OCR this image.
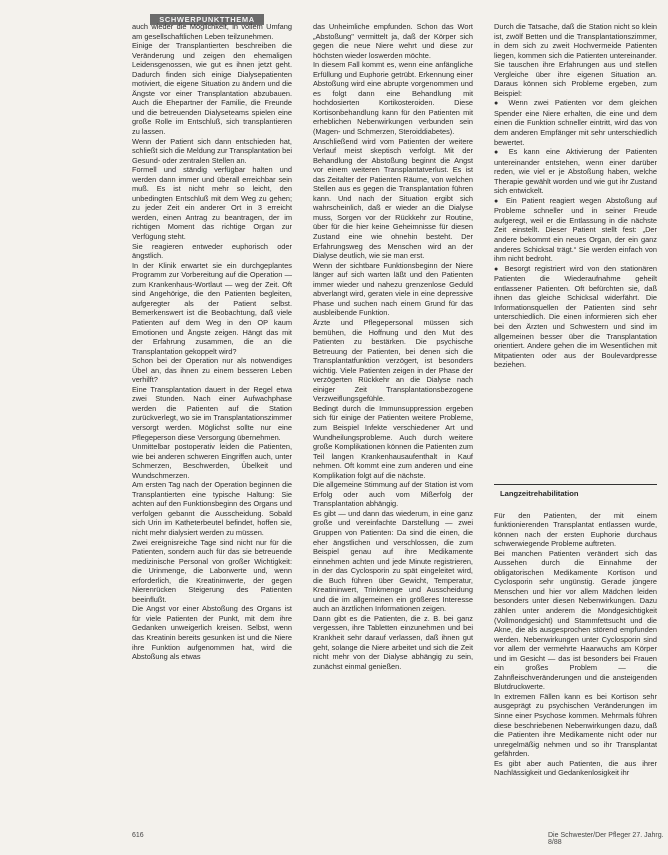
SCHWERPUNKTTHEMA

auch wieder die Möglichkeit, in vollem Umfang am gesellschaftlichen Leben teilzunehmen.

Einige der Transplantierten beschreiben die Veränderung und zeigen den ehemaligen Leidensgenossen, wie gut es ihnen jetzt geht. Dadurch finden sich einige Dialysepatienten motiviert, die eigene Situation zu ändern und die Ängste vor einer Transplantation abzubauen. Auch die Ehepartner der Familie, die Freunde und die betreuenden Dialyseteams spielen eine große Rolle im Entschluß, sich transplantieren zu lassen.

Wenn der Patient sich dann entschieden hat, schließt sich die Meldung zur Transplantation bei Gesund- oder zentralen Stellen an.

Formell und ständig verfügbar halten und werden dann immer und überall erreichbar sein muß. Es ist nicht mehr so leicht, den unbedingten Entschluß mit dem Weg zu gehen; zu jeder Zeit ein anderer Ort in 3 erreicht werden, einen Antrag zu beantragen, der im richtigen Moment das richtige Organ zur Verfügung steht.

Sie reagieren entweder euphorisch oder ängstlich.

In der Klinik erwartet sie ein durchgeplantes Programm zur Vorbereitung auf die Operation — zum Krankenhaus-Wortlaut — weg der Zeit. Oft sind Angehörige, die den Patienten begleiten, aufgeregter als der Patient selbst. Bemerkenswert ist die Beobachtung, daß viele Patienten auf dem Weg in den OP kaum Emotionen und Ängste zeigen. Hängt das mit der Erfahrung zusammen, die an die Transplantation gekoppelt wird?

Schon bei der Operation nur als notwendiges Übel an, das ihnen zu einem besseren Leben verhilft?

Eine Transplantation dauert in der Regel etwa zwei Stunden. Nach einer Aufwachphase werden die Patienten auf die Station zurückverlegt, wo sie im Transplantationszimmer versorgt werden. Möglichst sollte nur eine Pflegeperson diese Versorgung übernehmen.

Unmittelbar postoperativ leiden die Patienten, wie bei anderen schweren Eingriffen auch, unter Schmerzen, Beschwerden, Übelkeit und Wundschmerzen.

Am ersten Tag nach der Operation beginnen die Transplantierten eine typische Haltung: Sie achten auf den Funktionsbeginn des Organs und verfolgen gebannt die Ausscheidung. Sobald sich Urin im Katheterbeutel befindet, hoffen sie, nicht mehr dialysiert werden zu müssen.

Zwei ereignisreiche Tage sind nicht nur für die Patienten, sondern auch für das sie betreuende medizinische Personal von großer Wichtigkeit: die Urinmenge, die Laborwerte und, wenn erforderlich, die Kreatininwerte, der gegen Nierenrücken Steigerung des Patienten beeinflußt.

Die Angst vor einer Abstoßung des Organs ist für viele Patienten der Punkt, mit dem ihre Gedanken unweigerlich kreisen. Selbst, wenn das Kreatinin bereits gesunken ist und die Niere ihre Funktion aufgenommen hat, wird die Abstoßung als etwas

das Unheimliche empfunden. Schon das Wort „Abstoßung" vermittelt ja, daß der Körper sich gegen die neue Niere wehrt und diese zur höchsten wieder loswerden möchte.

In diesem Fall kommt es, wenn eine anfängliche Erfüllung und Euphorie getrübt. Erkennung einer Abstoßung wird eine abrupte vorgenommen und es folgt dann eine Behandlung mit hochdosierten Kortikosteroiden. Diese Kortisonbehandlung kann für den Patienten mit erheblichen Nebenwirkungen verbunden sein (Magen- und Schmerzen, Steroiddiabetes).

Anschließend wird vom Patienten der weitere Verlauf meist skeptisch verfolgt. Mit der Behandlung der Abstoßung beginnt die Angst vor einem weiteren Transplantatverlust. Es ist das Zeitalter der Patienten Räume, von welchen Stellen aus es gegen die Transplantation führen kann. Und nach der Situation ergibt sich wahrscheinlich, daß er wieder an die Dialyse muss, Sorgen vor der Rückkehr zur Routine, über für die hier keine Geheimnisse für diesen Zustand eine wie ohnehin besteht. Der Erfahrungsweg des Menschen wird an der Dialyse deutlich, wie sie man erst.

Wenn der sichtbare Funktionsbeginn der Niere länger auf sich warten läßt und den Patienten immer wieder und nahezu grenzenlose Geduld abverlangt wird, geraten viele in eine depressive Phase und suchen nach einem Grund für das ausbleibende Funktion.

Ärzte und Pflegepersonal müssen sich bemühen, die Hoffnung und den Mut des Patienten zu bestärken. Die psychische Betreuung der Patienten, bei denen sich die Transplantatfunktion verzögert, ist besonders wichtig. Viele Patienten zeigen in der Phase der verzögerten Rückkehr an die Dialyse nach einiger Zeit Transplantationsbezogene Verzweiflungsgefühle.

Bedingt durch die Immunsuppression ergeben sich für einige der Patienten weitere Probleme, zum Beispiel Infekte verschiedener Art und Wundheilungsprobleme. Auch durch weitere große Komplikationen können die Patienten zum Teil langen Krankenhausaufenthalt in Kauf nehmen. Oft kommt eine zum anderen und eine Komplikation folgt auf die nächste.

Die allgemeine Stimmung auf der Station ist vom Erfolg oder auch vom Mißerfolg der Transplantation abhängig.

Es gibt — und dann das wiederum, in eine ganz große und vereinfachte Darstellung — zwei Gruppen von Patienten: Da sind die einen, die eher ängstlichen und verschlossen, die zum Beispiel genau auf ihre Medikamente einnehmen achten und jede Minute registrieren, in der das Cyclosporin zu spät eingeleitet wird, die Buch führen über Gewicht, Temperatur, Kreatininwert, Trinkmenge und Ausscheidung und die im allgemeinen ein größeres Interesse auch an ärztlichen Informationen zeigen.

Dann gibt es die Patienten, die z. B. bei ganz vergessen, ihre Tabletten einzunehmen und bei Krankheit sehr darauf verlassen, daß ihnen gut geht, solange die Niere arbeitet und sich die Zeit nicht mehr von der Dialyse abhängig zu sein, zunächst einmal genießen.

Durch die Tatsache, daß die Station nicht so klein ist, zwölf Betten und die Transplantationszimmer, in dem sich zu zweit Hochvermeide Patienten liegen, kommen sich die Patienten untereinander. Sie tauschen ihre Erfahrungen aus und stellen Vergleiche über ihre eigenen Situation an. Daraus können sich Probleme ergeben, zum Beispiel:

● Wenn zwei Patienten vor dem gleichen Spender eine Niere erhalten, die eine und dem einen die Funktion schneller eintritt, wird das von dem anderen Empfänger mit sehr unterschiedlich bewertet.

● Es kann eine Aktivierung der Patienten untereinander entstehen, wenn einer darüber reden, wie viel er je Abstoßung haben, welche Therapie gewählt worden und wie gut ihr Zustand sich entwickelt.

● Ein Patient reagiert wegen Abstoßung auf Probleme schneller und in seiner Freude aufgeregt, weil er die Entlassung in die nächste Zeit einstellt. Dieser Patient stellt fest: „Der andere bekommt ein neues Organ, der ein ganz anderes Schicksal trägt.“ Sie werden einfach von ihm nicht bedroht.

● Besorgt registriert wird von den stationären Patienten die Wiederaufnahme geheilt entlassener Patienten. Oft befürchten sie, daß ihnen das gleiche Schicksal widerfährt. Die Informationsquellen der Patienten sind sehr unterschiedlich. Die einen informieren sich eher bei den Ärzten und Schwestern und sind im allgemeinen besser über die Transplantation orientiert. Andere gehen die im Wesentlichen mit Mitpatienten oder aus der Boulevardpresse beziehen.

Langzeitrehabilitation

Für den Patienten, der mit einem funktionierenden Transplantat entlassen wurde, können nach der ersten Euphorie durchaus schwerwiegende Probleme auftreten.

Bei manchen Patienten verändert sich das Aussehen durch die Einnahme der obligatorischen Medikamente Kortison und Cyclosporin sehr ungünstig. Gerade jüngere Menschen und hier vor allem Mädchen leiden besonders unter diesen Nebenwirkungen. Dazu zählen unter anderem die Mondgesichtigkeit (Vollmondgesicht) und Stammfettsucht und die Akne, die als ausgesprochen störend empfunden werden. Nebenwirkungen unter Cyclosporin sind vor allem der vermehrte Haarwuchs am Körper und im Gesicht — das ist besonders bei Frauen ein großes Problem — die Zahnfleischveränderungen und die ansteigenden Blutdruckwerte.

In extremen Fällen kann es bei Kortison sehr ausgeprägt zu psychischen Veränderungen im Sinne einer Psychose kommen. Mehrmals führen diese beschriebenen Nebenwirkungen dazu, daß die Patienten ihre Medikamente nicht oder nur unregelmäßig nehmen und so ihr Transplantat gefährden.

Es gibt aber auch Patienten, die aus ihrer Nachlässigkeit und Gedankenlosigkeit ihr

616	Die Schwester/Der Pfleger 27. Jahrg. 8/88
